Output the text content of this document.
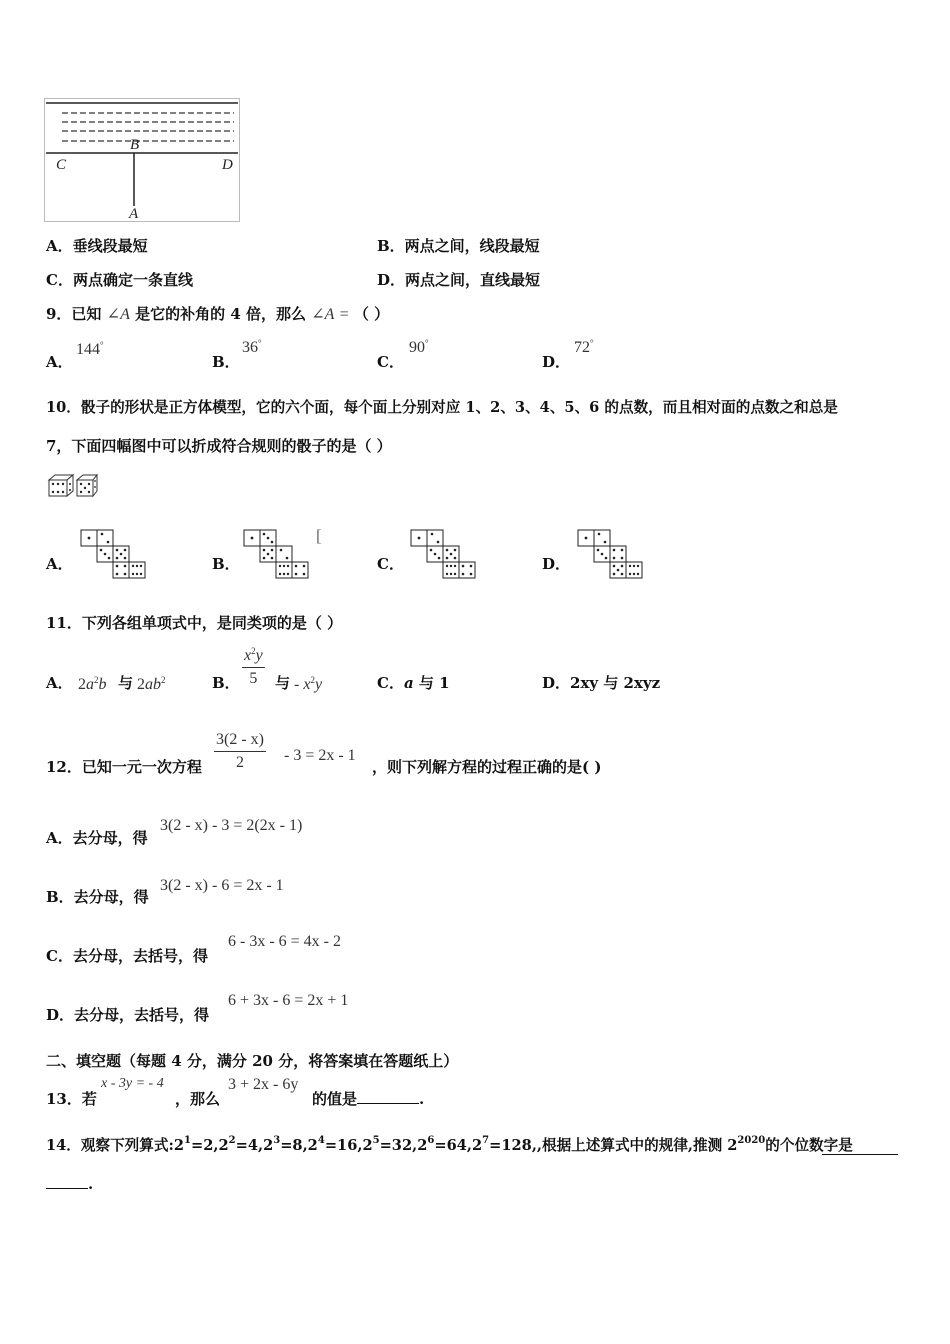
B
C	D
A
A．垂线段最短	B．两点之间，线段最短
C．两点确定一条直线	D．两点之间，直线最短
9．已知 ∠A 是它的补角的 4 倍，那么 ∠A = （ ）
A．
144°
B．
36°
C．
90°
D．
72°
10．骰子的形状是正方体模型，它的六个面，每个面上分别对应 1、2、3、4、5、6 的点数，而且相对面的点数之和总是
7，下面四幅图中可以折成符合规则的骰子的是（ ）
A．	B．
[
C．	D．
11．下列各组单项式中，是同类项的是（ ）
A． $2a^2b$ 与 $2ab^2$	B． $\frac{x^2y}{5}$ 与 - $x^2y$	C．a 与 1	D．2xy 与 2xyz
12．已知一元一次方程 $\frac{3(2 - x)}{2} - 3 = 2x - 1$
，则下列解方程的过程正确的是( )
A．去分母，得
3(2 - x) - 3 = 2(2x - 1)
B．去分母，得
3(2 - x) - 6 = 2x - 1
C．去分母，去括号，得
6 - 3x - 6 = 4x - 2
D．去分母，去括号，得
6 + 3x - 6 = 2x + 1
二、填空题（每题 4 分，满分 20 分，将答案填在答题纸上）
13．若
x - 3y = - 4
，那么
3 + 2x - 6y
的值是	.
14．观察下列算式$:2^1=2,2^2=4,2^3=8,2^4=16,2^5=32,2^6=64,2^7=128$,,根据上述算式中的规律,推测 $2^{2020}$的个位数字是
.
